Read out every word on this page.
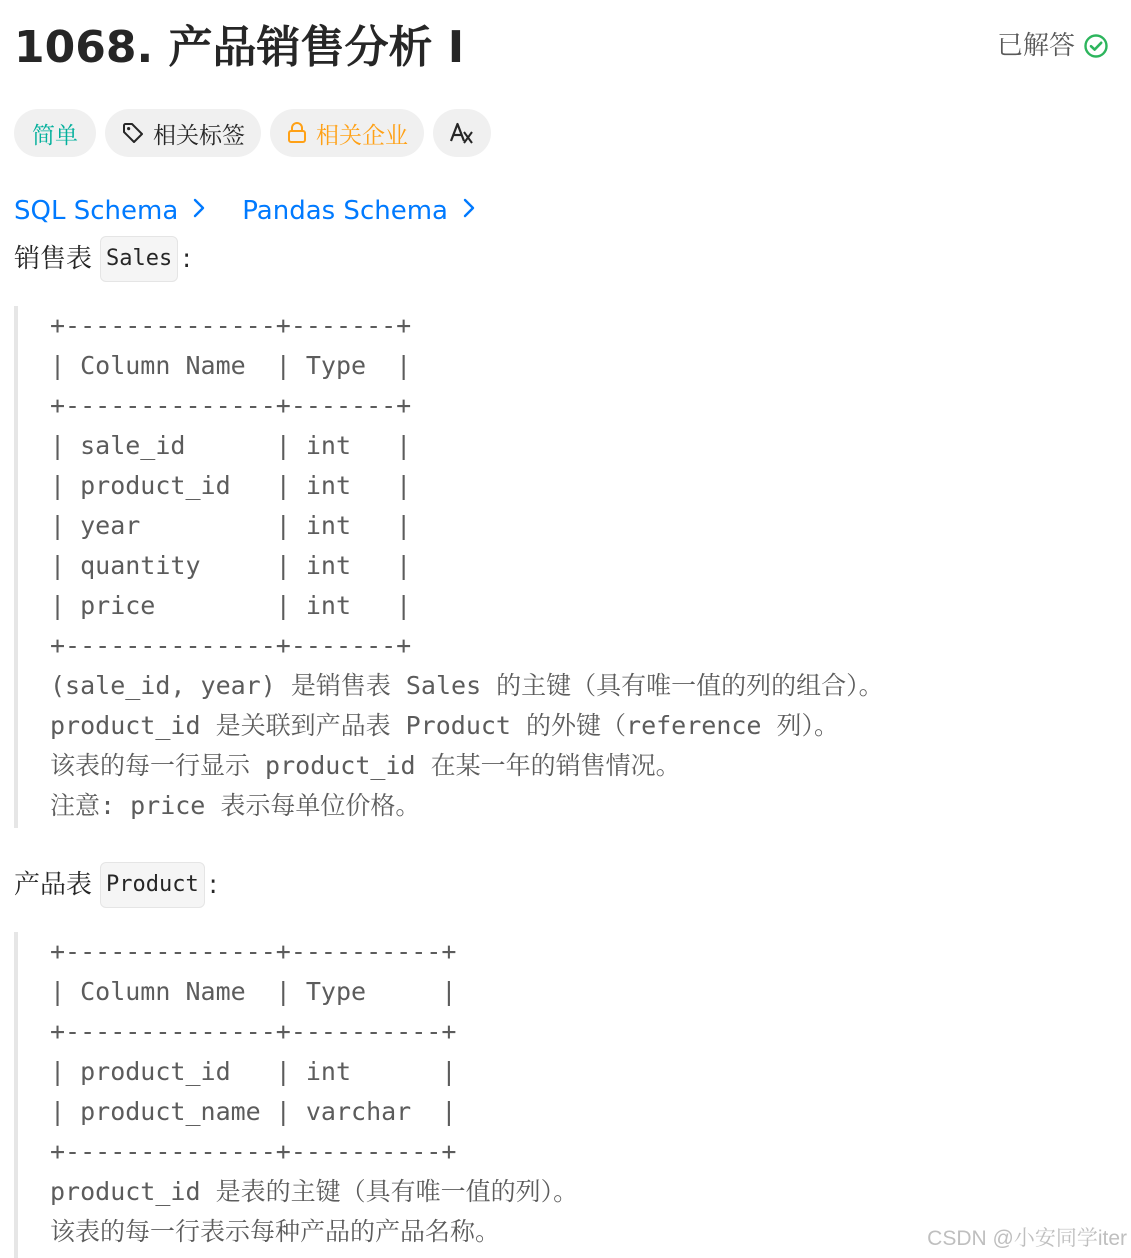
1068. 产品销售分析 I	已解答
简单	相关标签	相关企业
SQL Schema Pandas Schema
销售表 Sales :
+--------------+-------+
| Column Name  | Type  |
+--------------+-------+
| sale_id      | int   |
| product_id   | int   |
| year         | int   |
| quantity     | int   |
| price        | int   |
+--------------+-------+
(sale_id, year) 是销售表 Sales 的主键（具有唯一值的列的组合）。
product_id 是关联到产品表 Product 的外键（reference 列）。
该表的每一行显示 product_id 在某一年的销售情况。
注意: price 表示每单位价格。
产品表 Product :
+--------------+----------+
| Column Name  | Type     |
+--------------+----------+
| product_id   | int      |
| product_name | varchar  |
+--------------+----------+
product_id 是表的主键（具有唯一值的列）。
该表的每一行表示每种产品的产品名称。	CSDN @小安同学iter
